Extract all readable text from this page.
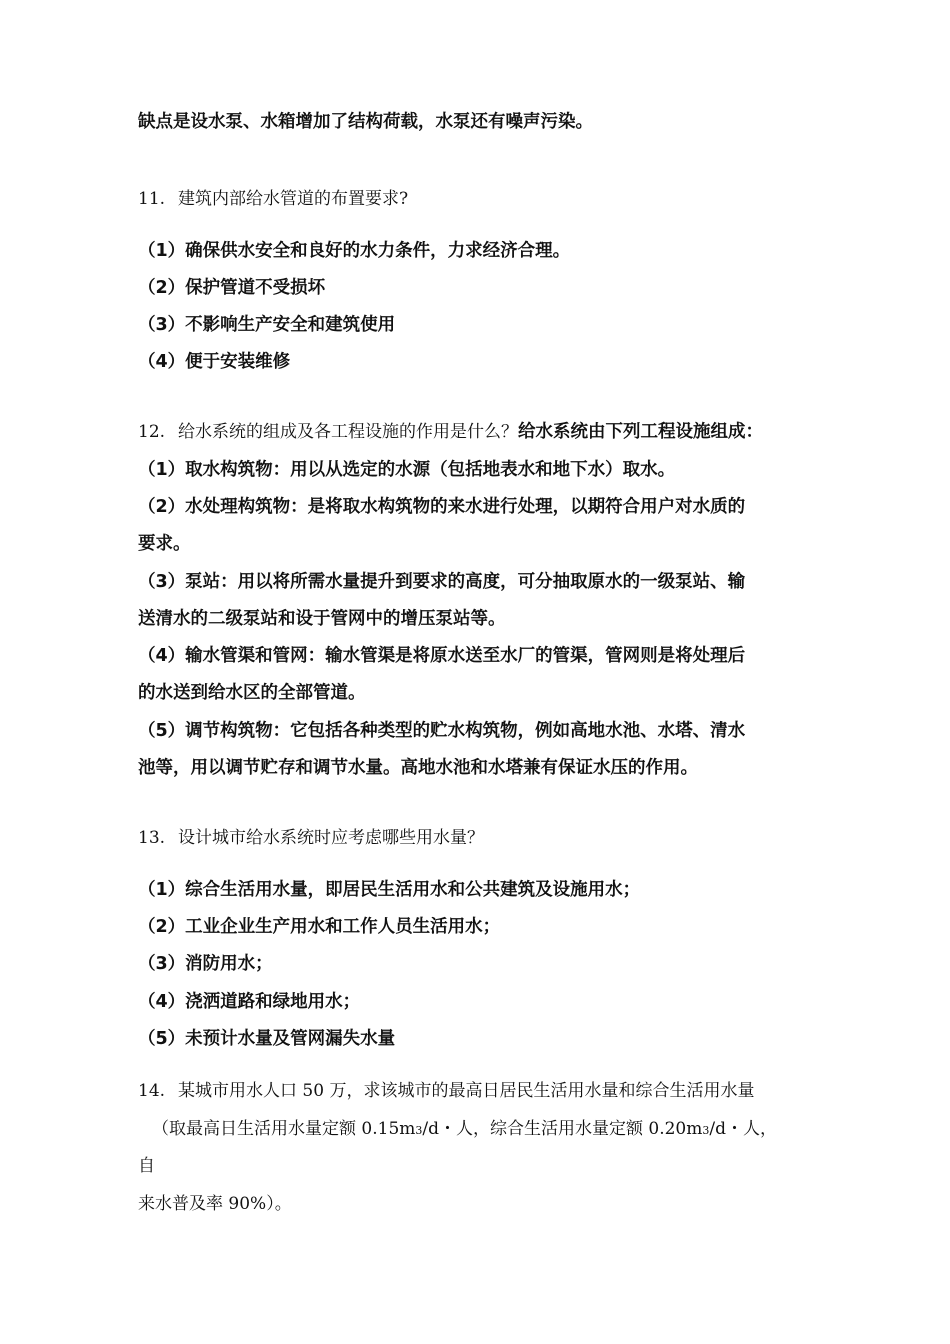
缺点是设水泵、水箱增加了结构荷载，水泵还有噪声污染。
11. 建筑内部给水管道的布置要求?
（1）确保供水安全和良好的水力条件，力求经济合理。
（2）保护管道不受损坏
（3）不影响生产安全和建筑使用
（4）便于安装维修
12. 给水系统的组成及各工程设施的作用是什么？给水系统由下列工程设施组成：
（1）取水构筑物：用以从选定的水源（包括地表水和地下水）取水。
（2）水处理构筑物：是将取水构筑物的来水进行处理，以期符合用户对水质的
要求。
（3）泵站：用以将所需水量提升到要求的高度，可分抽取原水的一级泵站、输
送清水的二级泵站和设于管网中的增压泵站等。
（4）输水管渠和管网：输水管渠是将原水送至水厂的管渠，管网则是将处理后
的水送到给水区的全部管道。
（5）调节构筑物：它包括各种类型的贮水构筑物，例如高地水池、水塔、清水
池等，用以调节贮存和调节水量。高地水池和水塔兼有保证水压的作用。
13. 设计城市给水系统时应考虑哪些用水量？
（1）综合生活用水量，即居民生活用水和公共建筑及设施用水；
（2）工业企业生产用水和工作人员生活用水；
（3）消防用水；
（4）浇洒道路和绿地用水；
（5）未预计水量及管网漏失水量
14. 某城市用水人口 50 万，求该城市的最高日居民生活用水量和综合生活用水量
（取最高日生活用水量定额 0.15m3/d・人，综合生活用水量定额 0.20m3/d・人，
自
来水普及率 90%）。
